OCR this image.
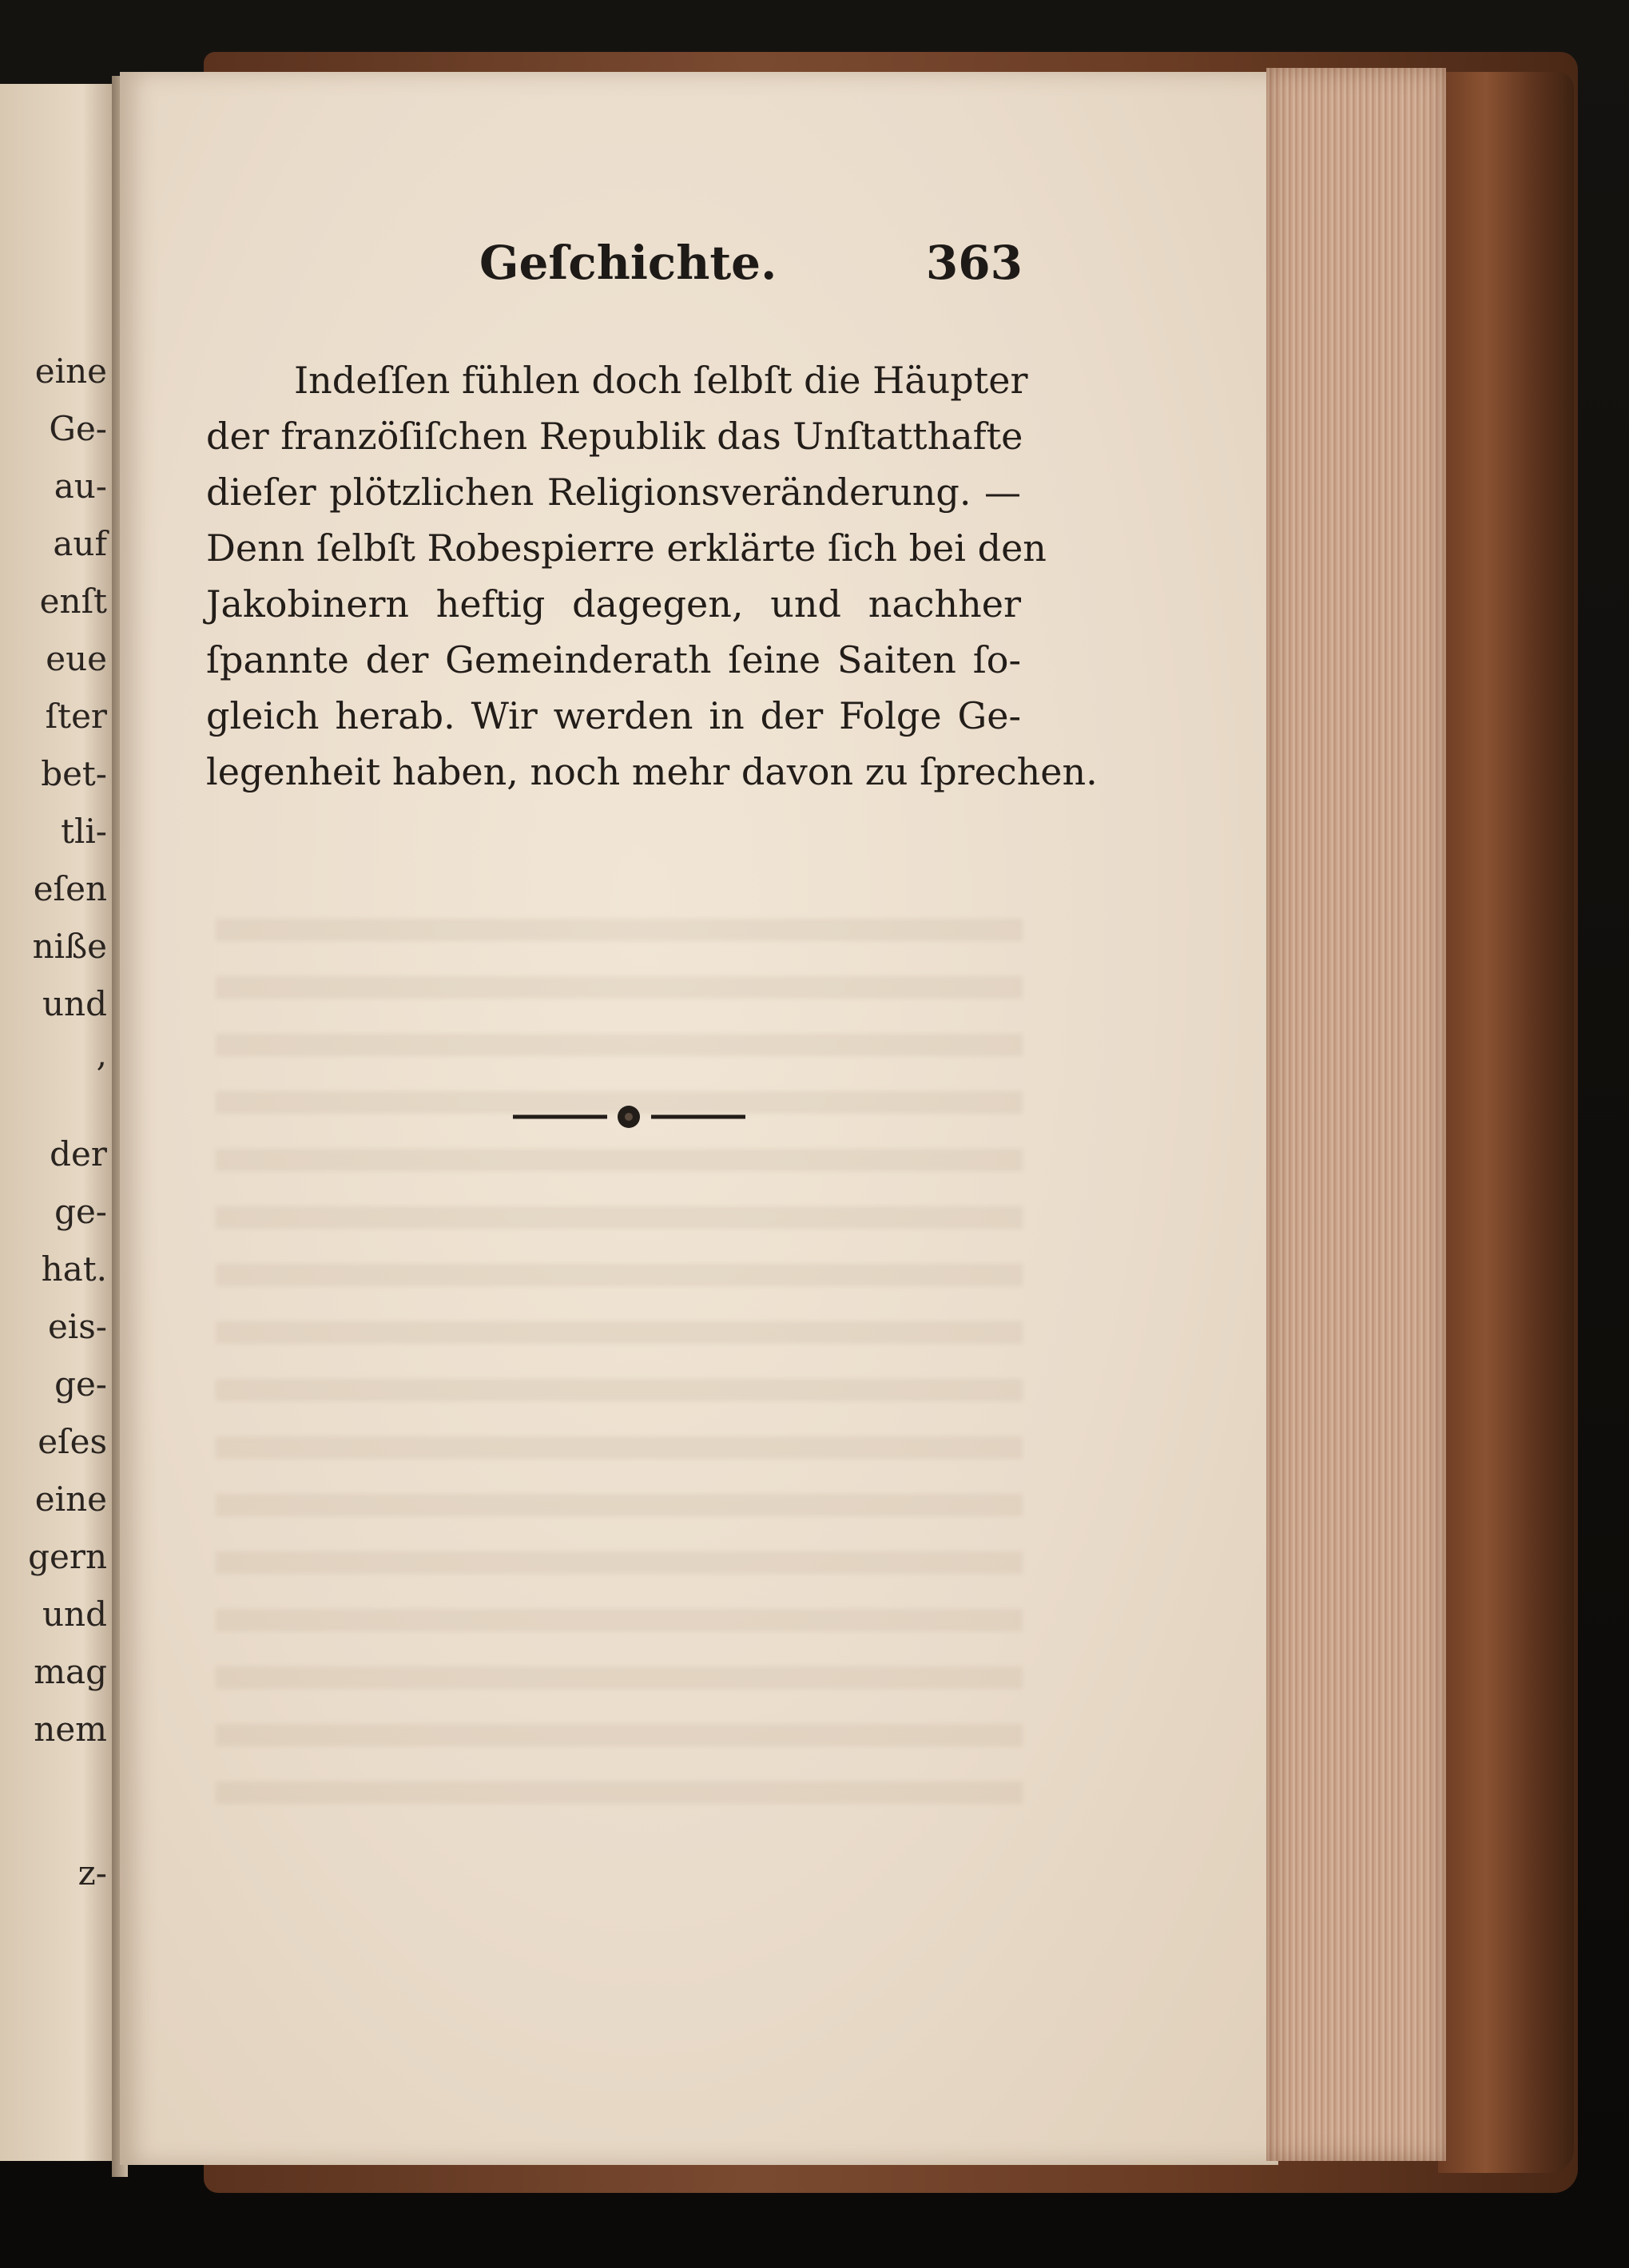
eine
Ge-
au-
auf
enſt
eue
ſter
bet-
tli-
eſen
niße
und
,
der
ge-
hat.
eis-
ge-
eſes
eine
gern
und
mag
nem
z-
Geſchichte.	363
Indeſſen fühlen doch ſelbſt die Häupter
der franzöſiſchen Republik das Unſtatthafte
dieſer plötzlichen Religionsveränderung. —
Denn ſelbſt Robespierre erklärte ſich bei den
Jakobinern heftig dagegen, und nachher
ſpannte der Gemeinderath ſeine Saiten ſo-
gleich herab. Wir werden in der Folge Ge-
legenheit haben, noch mehr davon zu ſprechen.
